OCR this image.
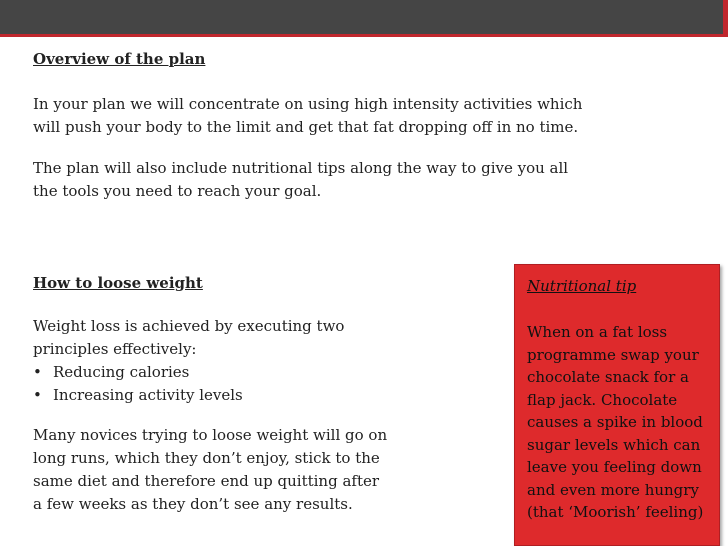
Overview of the plan

In your plan we will concentrate on using high intensity activities which
will push your body to the limit and get that fat dropping off in no time.

The plan will also include nutritional tips along the way to give you all
the tools you need to reach your goal.

How to loose weight

Weight loss is achieved by executing two
principles effectively:

• Reducing calories
• Increasing activity levels

Many novices trying to loose weight will go on
long runs, which they don’t enjoy, stick to the
same diet and therefore end up quitting after
a few weeks as they don’t see any results.

Nutritional tip

When on a fat loss
programme swap your
chocolate snack for a
flap jack. Chocolate
causes a spike in blood
sugar levels which can
leave you feeling down
and even more hungry
(that ‘Moorish’ feeling)
